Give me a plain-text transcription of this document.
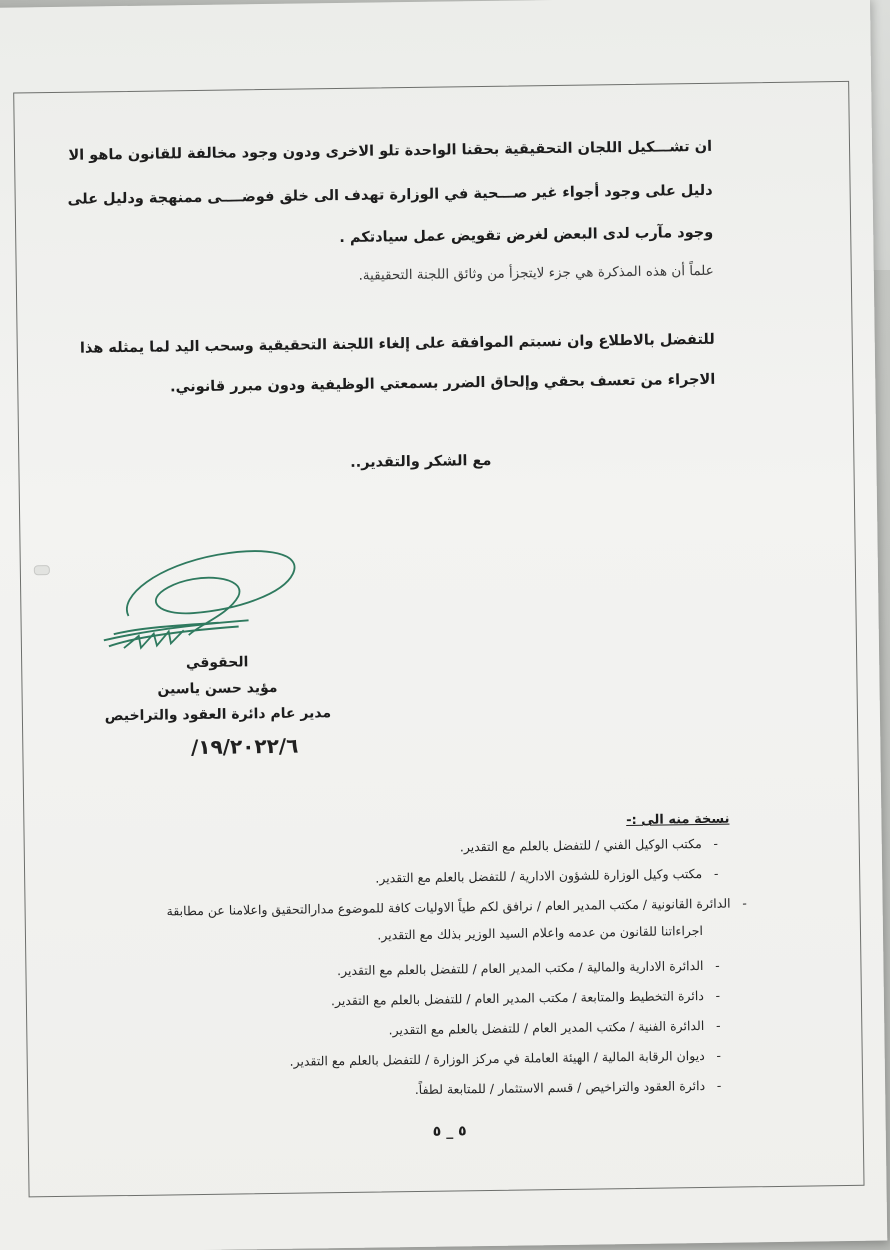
ان تشـــكيل اللجان التحقيقية بحقنا الواحدة تلو الاخرى ودون وجود مخالفة للقانون ماهو الا
دليل على وجود أجواء غير صـــحية في الوزارة تهدف الى خلق فوضــــى ممنهجة ودليل على
وجود مآرب لدى البعض لغرض تقويض عمل سيادتكم .
علماً أن هذه المذكرة هي جزء لايتجزأ من وثائق اللجنة التحقيقية.
للتفضل بالاطلاع وان نسبتم الموافقة على إلغاء اللجنة التحقيقية وسحب اليد لما يمثله هذا
الاجراء من تعسف بحقي وإلحاق الضرر بسمعتي الوظيفية ودون مبرر قانوني.
مع الشكر والتقدير..
الحقوقي
مؤيد حسن ياسين
مدير عام دائرة العقود والتراخيص
١٩/٢٠٢٢/٦/
نسخة منه الى :-
-مكتب الوكيل الفني / للتفضل بالعلم مع التقدير.
-مكتب وكيل الوزارة للشؤون الادارية / للتفضل بالعلم مع التقدير.
-الدائرة القانونية / مكتب المدير العام / نرافق لكم طياً الاوليات كافة للموضوع مدارالتحقيق واعلامنا عن مطابقة
اجراءاتنا للقانون من عدمه واعلام السيد الوزير بذلك مع التقدير.
-الدائرة الادارية والمالية / مكتب المدير العام / للتفضل بالعلم مع التقدير.
-دائرة التخطيط والمتابعة / مكتب المدير العام / للتفضل بالعلم مع التقدير.
-الدائرة الفنية / مكتب المدير العام / للتفضل بالعلم مع التقدير.
-ديوان الرقابة المالية / الهيئة العاملة في مركز الوزارة / للتفضل بالعلم مع التقدير.
-دائرة العقود والتراخيص / قسم الاستثمار / للمتابعة لطفاً.
٥ _ ٥
